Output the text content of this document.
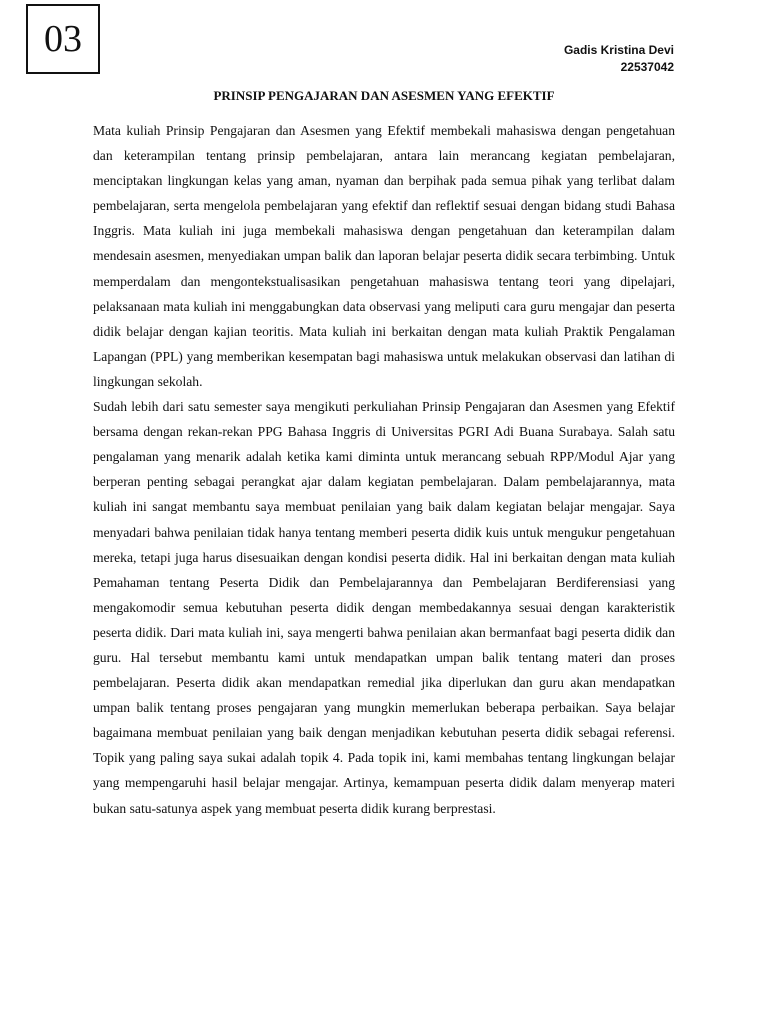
03	Gadis Kristina Devi
22537042
PRINSIP PENGAJARAN DAN ASESMEN YANG EFEKTIF

Mata kuliah Prinsip Pengajaran dan Asesmen yang Efektif membekali mahasiswa dengan pengetahuan dan keterampilan tentang prinsip pembelajaran, antara lain merancang kegiatan pembelajaran, menciptakan lingkungan kelas yang aman, nyaman dan berpihak pada semua pihak yang terlibat dalam pembelajaran, serta mengelola pembelajaran yang efektif dan reflektif sesuai dengan bidang studi Bahasa Inggris. Mata kuliah ini juga membekali mahasiswa dengan pengetahuan dan keterampilan dalam mendesain asesmen, menyediakan umpan balik dan laporan belajar peserta didik secara terbimbing. Untuk memperdalam dan mengontekstualisasikan pengetahuan mahasiswa tentang teori yang dipelajari, pelaksanaan mata kuliah ini menggabungkan data observasi yang meliputi cara guru mengajar dan peserta didik belajar dengan kajian teoritis. Mata kuliah ini berkaitan dengan mata kuliah Praktik Pengalaman Lapangan (PPL) yang memberikan kesempatan bagi mahasiswa untuk melakukan observasi dan latihan di lingkungan sekolah.

Sudah lebih dari satu semester saya mengikuti perkuliahan Prinsip Pengajaran dan Asesmen yang Efektif bersama dengan rekan-rekan PPG Bahasa Inggris di Universitas PGRI Adi Buana Surabaya. Salah satu pengalaman yang menarik adalah ketika kami diminta untuk merancang sebuah RPP/Modul Ajar yang berperan penting sebagai perangkat ajar dalam kegiatan pembelajaran. Dalam pembelajarannya, mata kuliah ini sangat membantu saya membuat penilaian yang baik dalam kegiatan belajar mengajar. Saya menyadari bahwa penilaian tidak hanya tentang memberi peserta didik kuis untuk mengukur pengetahuan mereka, tetapi juga harus disesuaikan dengan kondisi peserta didik. Hal ini berkaitan dengan mata kuliah Pemahaman tentang Peserta Didik dan Pembelajarannya dan Pembelajaran Berdiferensiasi yang mengakomodir semua kebutuhan peserta didik dengan membedakannya sesuai dengan karakteristik peserta didik. Dari mata kuliah ini, saya mengerti bahwa penilaian akan bermanfaat bagi peserta didik dan guru. Hal tersebut membantu kami untuk mendapatkan umpan balik tentang materi dan proses pembelajaran. Peserta didik akan mendapatkan remedial jika diperlukan dan guru akan mendapatkan umpan balik tentang proses pengajaran yang mungkin memerlukan beberapa perbaikan. Saya belajar bagaimana membuat penilaian yang baik dengan menjadikan kebutuhan peserta didik sebagai referensi. Topik yang paling saya sukai adalah topik 4. Pada topik ini, kami membahas tentang lingkungan belajar yang mempengaruhi hasil belajar mengajar. Artinya, kemampuan peserta didik dalam menyerap materi bukan satu-satunya aspek yang membuat peserta didik kurang berprestasi.
